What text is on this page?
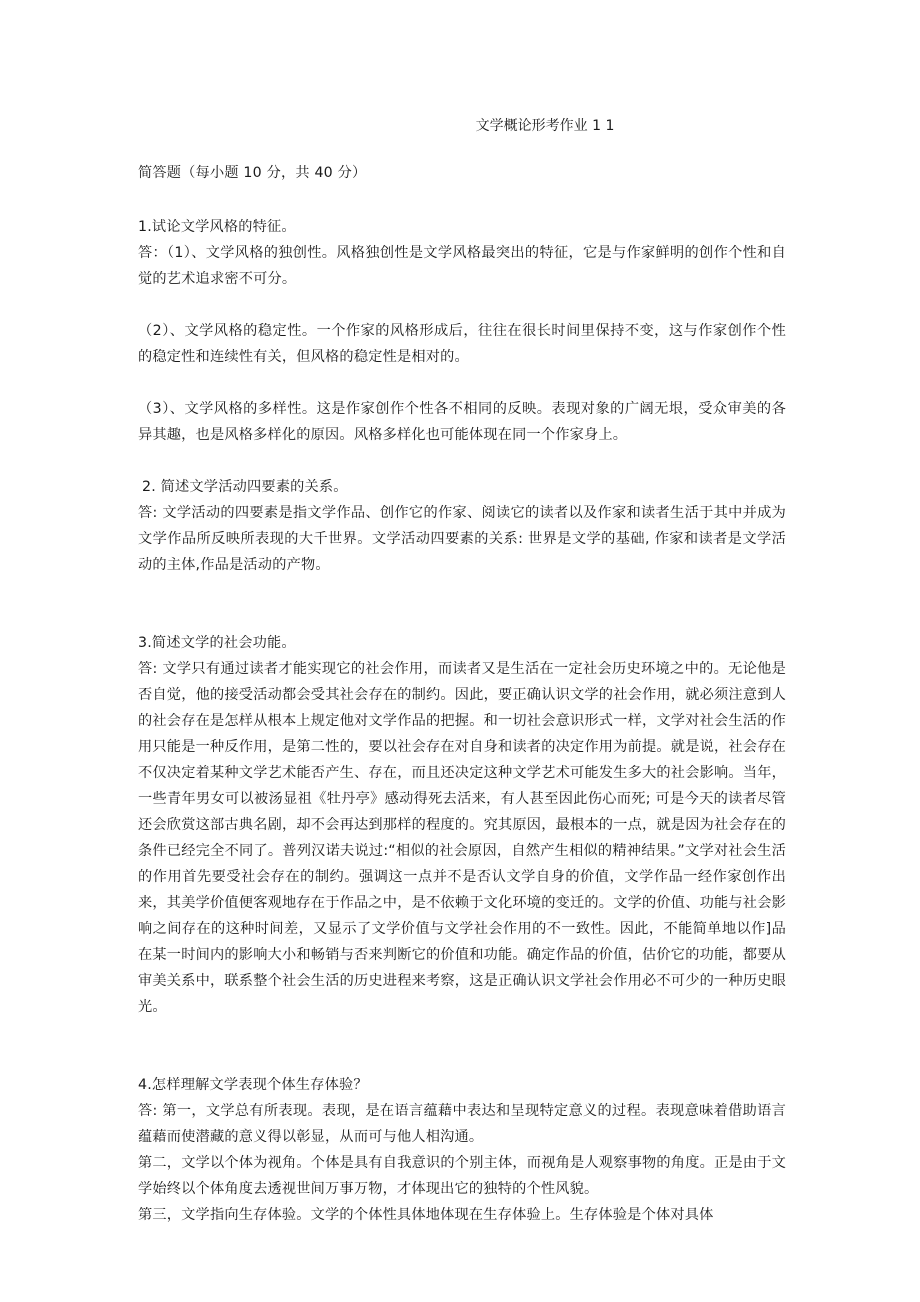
文学概论形考作业 1 1

简答题（每小题 10 分，共 40 分）

1.试论文学风格的特征。

答：（1）、文学风格的独创性。风格独创性是文学风格最突出的特征，它是与作家鲜明的创作个性和自觉的艺术追求密不可分。

（2）、文学风格的稳定性。一个作家的风格形成后，往往在很长时间里保持不变，这与作家创作个性的稳定性和连续性有关，但风格的稳定性是相对的。

（3）、文学风格的多样性。这是作家创作个性各不相同的反映。表现对象的广阔无垠，受众审美的各异其趣，也是风格多样化的原因。风格多样化也可能体现在同一个作家身上。

2. 简述文学活动四要素的关系。

答: 文学活动的四要素是指文学作品、创作它的作家、阅读它的读者以及作家和读者生活于其中并成为文学作品所反映所表现的大千世界。文学活动四要素的关系: 世界是文学的基础, 作家和读者是文学活动的主体,作品是活动的产物。

3.简述文学的社会功能。

答: 文学只有通过读者才能实现它的社会作用，而读者又是生活在一定社会历史环境之中的。无论他是否自觉，他的接受活动都会受其社会存在的制约。因此，要正确认识文学的社会作用，就必须注意到人的社会存在是怎样从根本上规定他对文学作品的把握。和一切社会意识形式一样，文学对社会生活的作用只能是一种反作用，是第二性的，要以社会存在对自身和读者的决定作用为前提。就是说，社会存在不仅决定着某种文学艺术能否产生、存在，而且还决定这种文学艺术可能发生多大的社会影响。当年，一些青年男女可以被汤显祖《牡丹亭》感动得死去活来，有人甚至因此伤心而死; 可是今天的读者尽管还会欣赏这部古典名剧，却不会再达到那样的程度的。究其原因，最根本的一点，就是因为社会存在的条件已经完全不同了。普列汉诺夫说过:“相似的社会原因，自然产生相似的精神结果。”文学对社会生活的作用首先要受社会存在的制约。强调这一点并不是否认文学自身的价值，文学作品一经作家创作出来，其美学价值便客观地存在于作品之中，是不依赖于文化环境的变迁的。文学的价值、功能与社会影响之间存在的这种时间差，又显示了文学价值与文学社会作用的不一致性。因此，不能简单地以作]品在某一时间内的影响大小和畅销与否来判断它的价值和功能。确定作品的价值，估价它的功能，都要从审美关系中，联系整个社会生活的历史进程来考察，这是正确认识文学社会作用必不可少的一种历史眼光。

4.怎样理解文学表现个体生存体验？

答: 第一，文学总有所表现。表现，是在语言蕴藉中表达和呈现特定意义的过程。表现意味着借助语言蕴藉而使潜藏的意义得以彰显，从而可与他人相沟通。

第二，文学以个体为视角。个体是具有自我意识的个别主体，而视角是人观察事物的角度。正是由于文学始终以个体角度去透视世间万事万物，才体现出它的独特的个性风貌。

第三，文学指向生存体验。文学的个体性具体地体现在生存体验上。生存体验是个体对具体
